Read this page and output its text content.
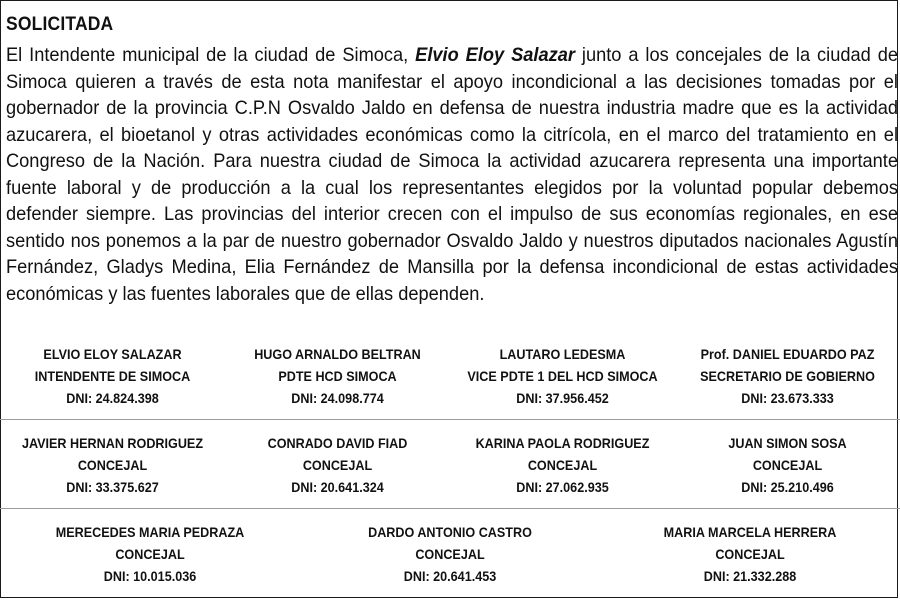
SOLICITADA
El Intendente municipal de la ciudad de Simoca, Elvio Eloy Salazar junto a los concejales de la ciudad de Simoca quieren a través de esta nota manifestar el apoyo incondicional a las decisiones tomadas por el gobernador de la provincia C.P.N Osvaldo Jaldo en defensa de nuestra industria madre que es la actividad azucarera, el bioetanol y otras actividades económicas como la citrícola, en el marco del tratamiento en el Congreso de la Nación. Para nuestra ciudad de Simoca la actividad azucarera representa una importante fuente laboral y de producción a la cual los representantes elegidos por la voluntad popular debemos defender siempre. Las provincias del interior crecen con el impulso de sus economías regionales, en ese sentido nos ponemos a la par de nuestro gobernador Osvaldo Jaldo y nuestros diputados nacionales Agustín Fernández, Gladys Medina, Elia Fernández de Mansilla por la defensa incondicional de estas actividades económicas y las fuentes laborales que de ellas dependen.
ELVIO ELOY SALAZAR
INTENDENTE DE SIMOCA
DNI: 24.824.398
HUGO ARNALDO BELTRAN
PDTE HCD SIMOCA
DNI: 24.098.774
LAUTARO LEDESMA
VICE PDTE 1 DEL HCD SIMOCA
DNI: 37.956.452
Prof. DANIEL EDUARDO PAZ
SECRETARIO DE GOBIERNO
DNI: 23.673.333
JAVIER HERNAN RODRIGUEZ
CONCEJAL
DNI: 33.375.627
CONRADO DAVID FIAD
CONCEJAL
DNI: 20.641.324
KARINA PAOLA RODRIGUEZ
CONCEJAL
DNI: 27.062.935
JUAN SIMON SOSA
CONCEJAL
DNI: 25.210.496
MERECEDES MARIA PEDRAZA
CONCEJAL
DNI: 10.015.036
DARDO ANTONIO CASTRO
CONCEJAL
DNI: 20.641.453
MARIA MARCELA HERRERA
CONCEJAL
DNI: 21.332.288
